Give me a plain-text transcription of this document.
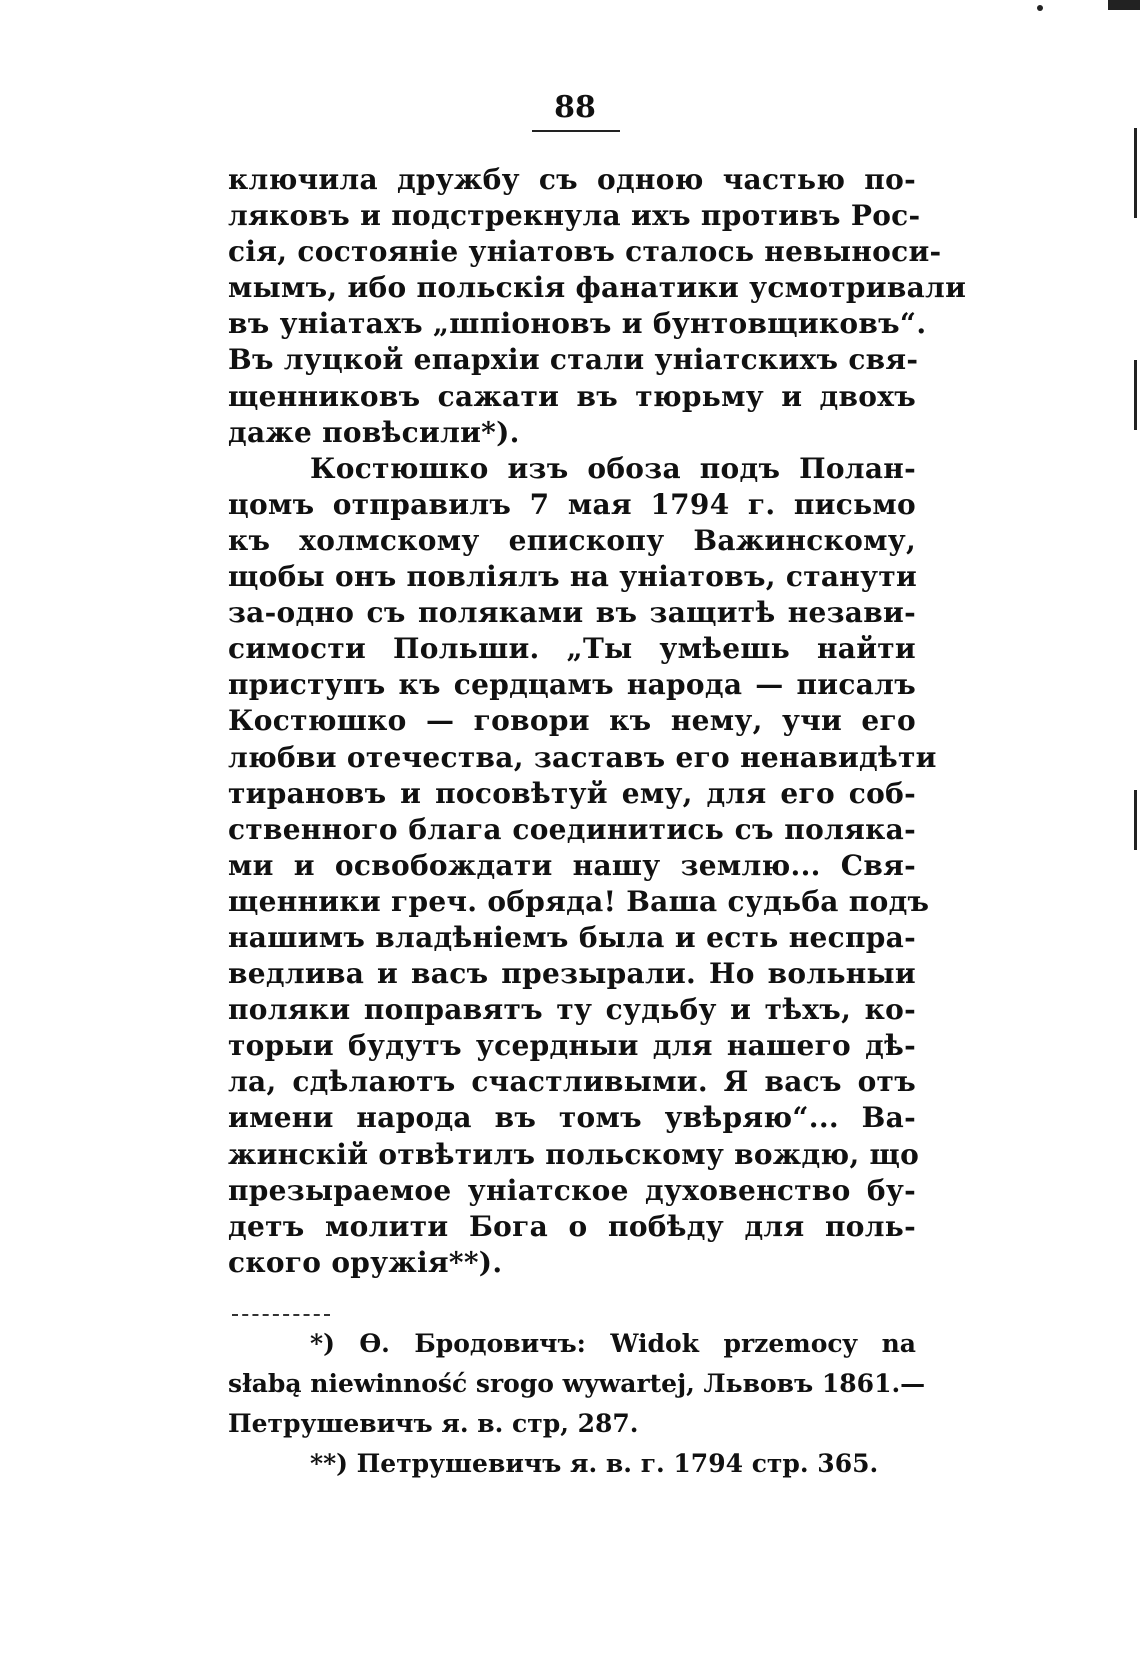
88
ключила дружбу съ одною частью по-
ляковъ и подстрекнула ихъ противъ Рос-
сія, состояніе уніатовъ сталось невыноси-
мымъ, ибо польскія фанатики усмотривали
въ уніатахъ „шпіоновъ и бунтовщиковъ“.
Въ луцкой епархіи стали уніатскихъ свя-
щенниковъ сажати въ тюрьму и двохъ
даже повѣсили*).
Костюшко изъ обоза подъ Полан-
цомъ отправилъ 7 мая 1794 г. письмо
къ холмскому епископу Важинскому,
щобы онъ повліялъ на уніатовъ, станути
за-одно съ поляками въ защитѣ незави-
симости Польши. „Ты умѣешь найти
приступъ къ сердцамъ народа — писалъ
Костюшко — говори къ нему, учи его
любви отечества, заставъ его ненавидѣти
тирановъ и посовѣтуй ему, для его соб-
ственного блага соединитись съ поляка-
ми и освобождати нашу землю... Свя-
щенники греч. обряда! Ваша судьба подъ
нашимъ владѣніемъ была и есть неспра-
ведлива и васъ презырали. Но вольныи
поляки поправятъ ту судьбу и тѣхъ, ко-
торыи будутъ усердныи для нашего дѣ-
ла, сдѣлаютъ счастливыми. Я васъ отъ
имени народа въ томъ увѣряю“... Ва-
жинскій отвѣтилъ польскому вождю, що
презыраемое уніатское духовенство бу-
детъ молити Бога о побѣду для поль-
ского оружія**).
*) Ѳ. Бродовичъ: Widok przemocy na
słabą niewinność srogo wywartej, Львовъ 1861.—
Петрушевичъ я. в. стр, 287.
**) Петрушевичъ я. в. г. 1794 стр. 365.
